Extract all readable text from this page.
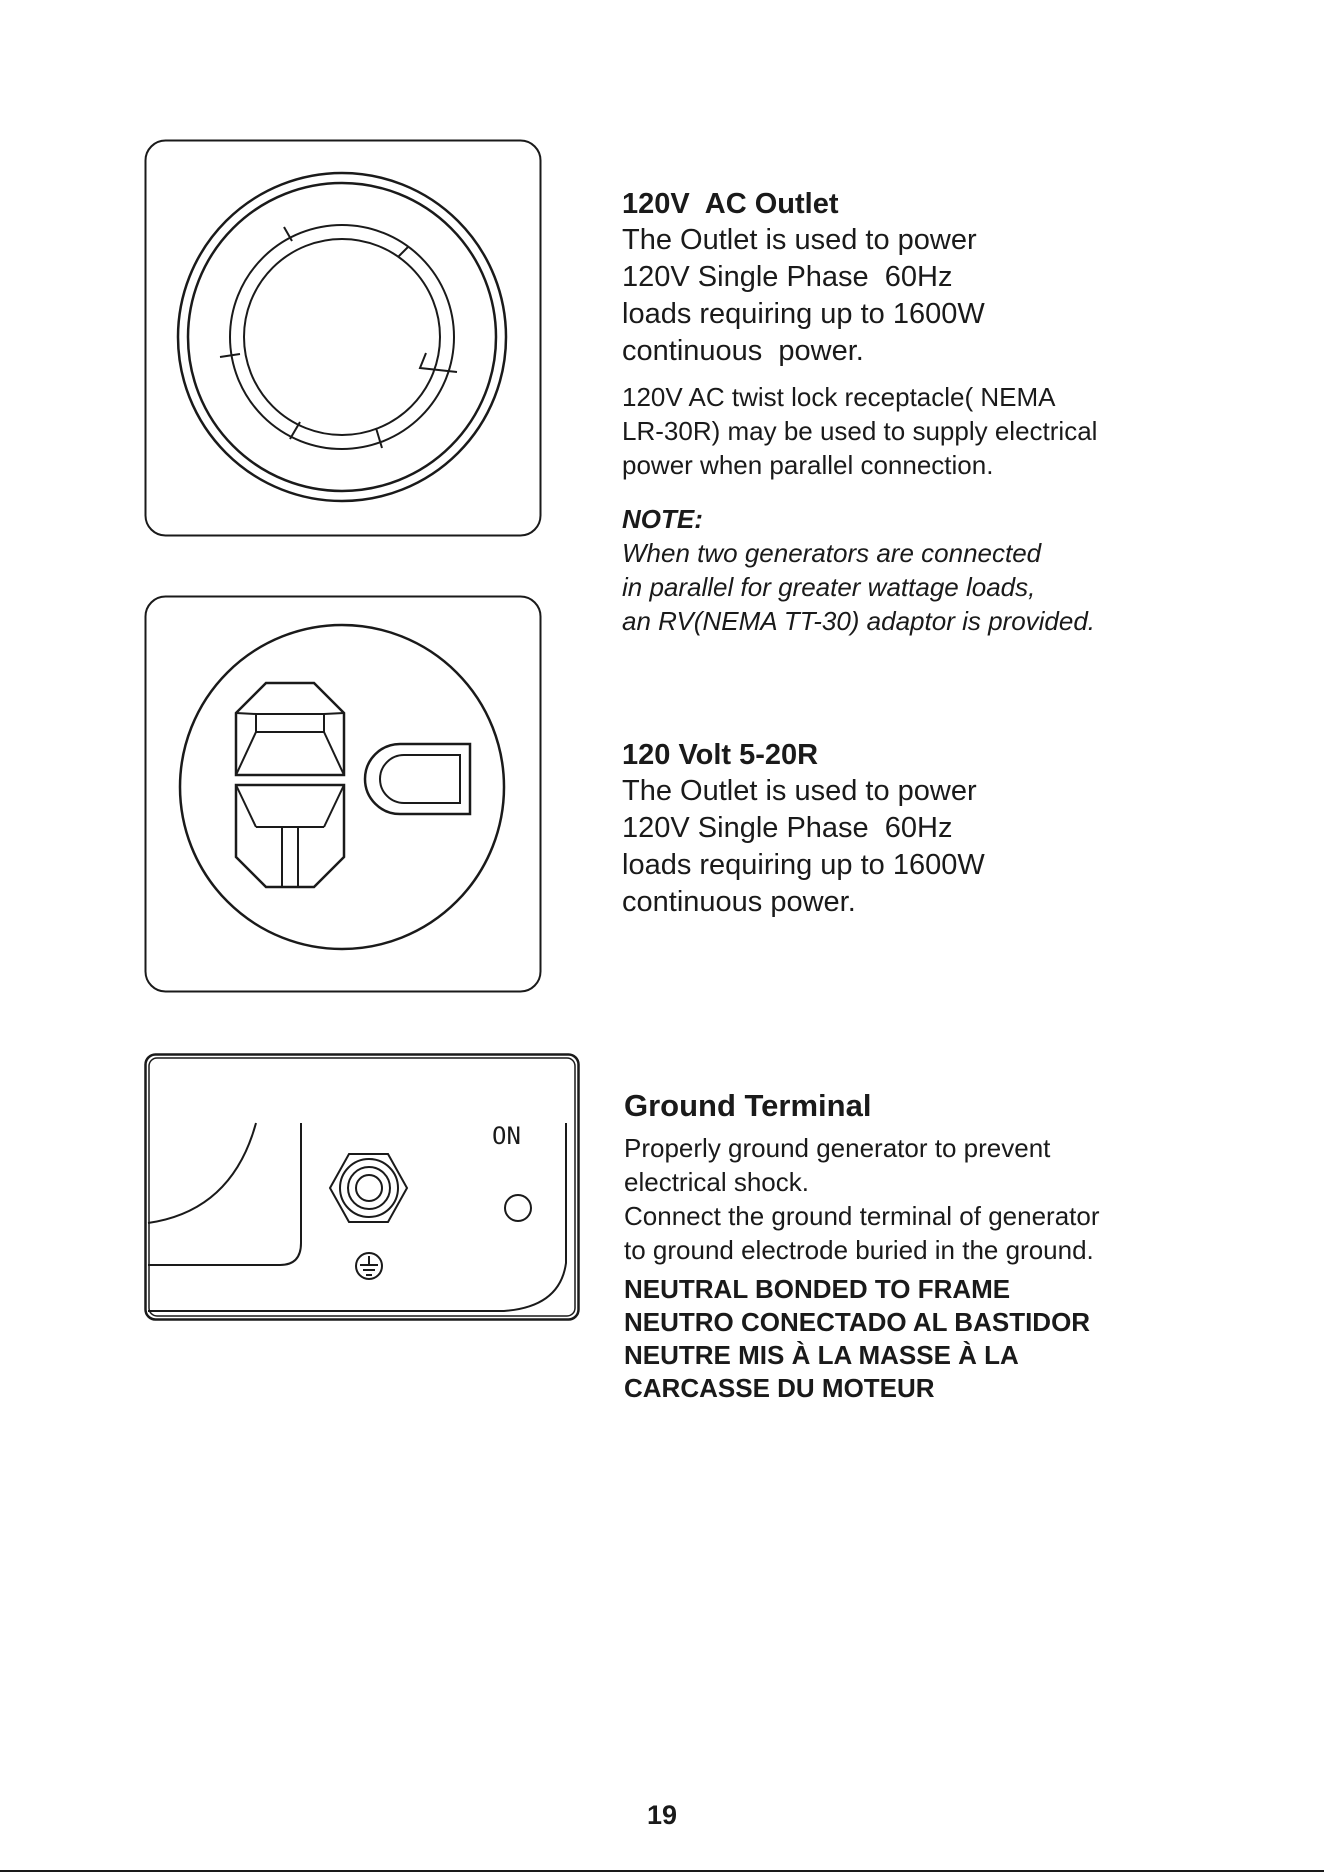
ON

120V  AC Outlet

The Outlet is used to power

120V Single Phase  60Hz

loads requiring up to 1600W

continuous  power.

120V AC twist lock receptacle( NEMA
LR-30R) may be used to supply electrical
power when parallel connection.

NOTE:

When two generators are connected

in parallel for greater wattage loads,

an RV(NEMA TT-30) adaptor is provided.

120 Volt 5-20R

The Outlet is used to power

120V Single Phase  60Hz

loads requiring up to 1600W

continuous power.

Ground Terminal

Properly ground generator to prevent

electrical shock.

Connect the ground terminal of generator

to ground electrode buried in the ground.

NEUTRAL BONDED TO FRAME

NEUTRO CONECTADO AL BASTIDOR

NEUTRE MIS À LA MASSE À LA

CARCASSE DU MOTEUR

19
